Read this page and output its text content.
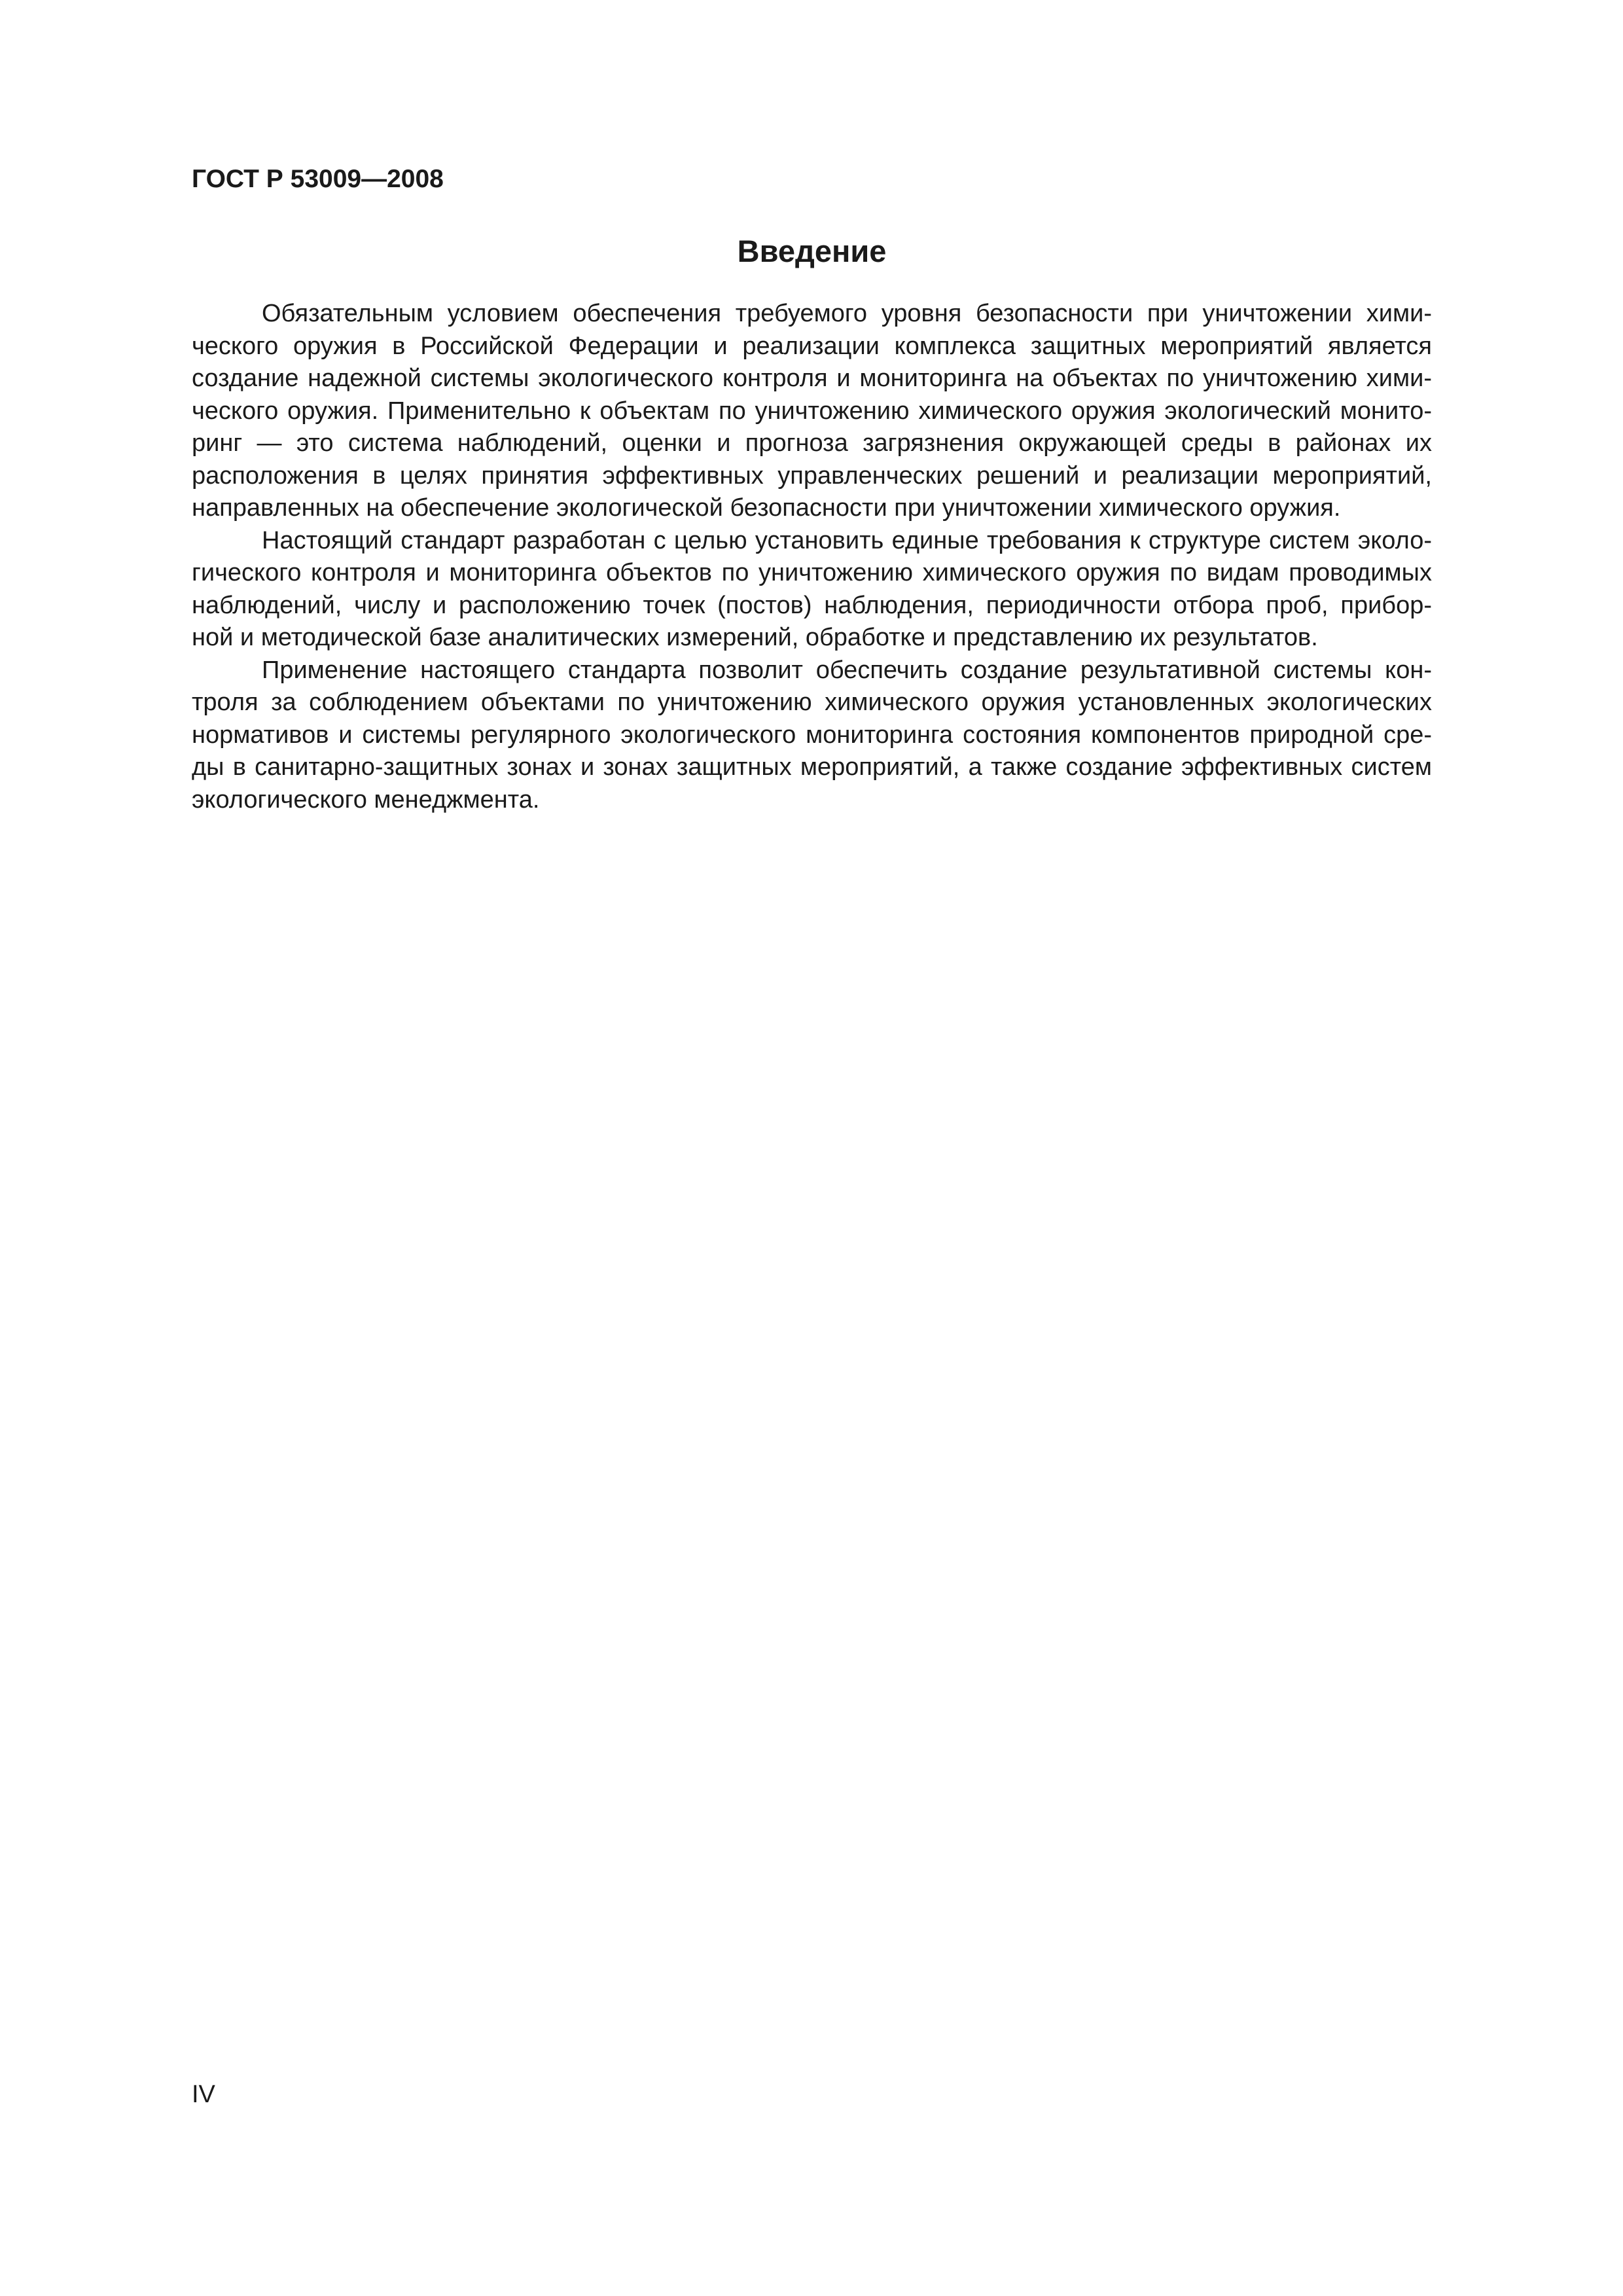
ГОСТ Р 53009—2008
Введение
Обязательным условием обеспечения требуемого уровня безопасности при уничтожении хими-
ческого оружия в Российской Федерации и реализации комплекса защитных мероприятий является
создание надежной системы экологического контроля и мониторинга на объектах по уничтожению хими-
ческого оружия. Применительно к объектам по уничтожению химического оружия экологический монито-
ринг — это система наблюдений, оценки и прогноза загрязнения окружающей среды в районах их
расположения в целях принятия эффективных управленческих решений и реализации мероприятий,
направленных на обеспечение экологической безопасности при уничтожении химического оружия.
Настоящий стандарт разработан с целью установить единые требования к структуре систем эколо-
гического контроля и мониторинга объектов по уничтожению химического оружия по видам проводимых
наблюдений, числу и расположению точек (постов) наблюдения, периодичности отбора проб, прибор-
ной и методической базе аналитических измерений, обработке и представлению их результатов.
Применение настоящего стандарта позволит обеспечить создание результативной системы кон-
троля за соблюдением объектами по уничтожению химического оружия установленных экологических
нормативов и системы регулярного экологического мониторинга состояния компонентов природной сре-
ды в санитарно-защитных зонах и зонах защитных мероприятий, а также создание эффективных систем
экологического менеджмента.
IV
